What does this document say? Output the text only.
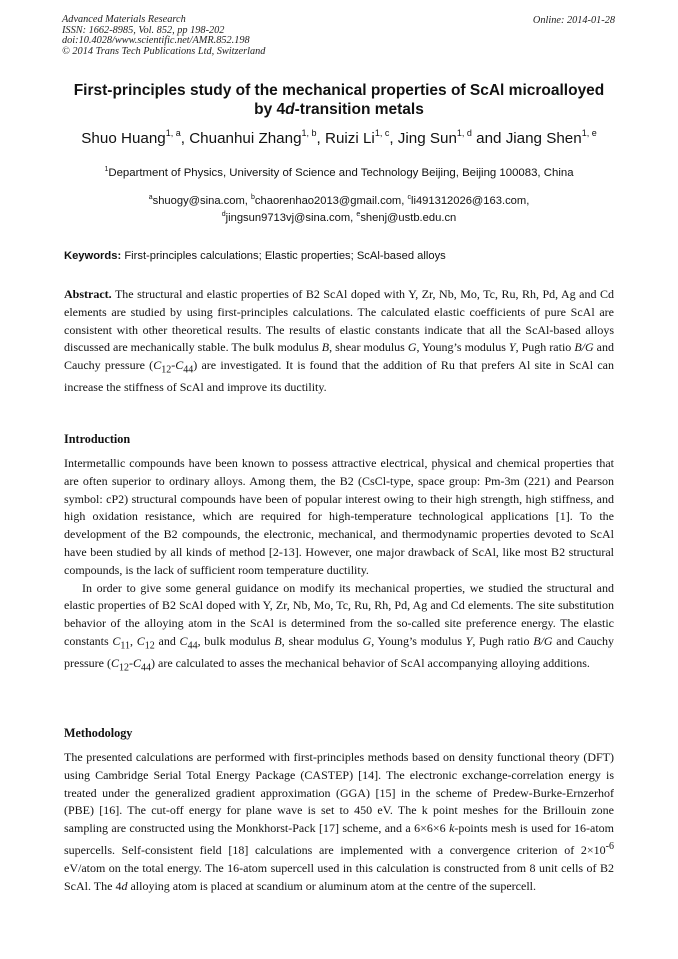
Advanced Materials Research
ISSN: 1662-8985, Vol. 852, pp 198-202
doi:10.4028/www.scientific.net/AMR.852.198
© 2014 Trans Tech Publications Ltd, Switzerland
Online: 2014-01-28
First-principles study of the mechanical properties of ScAl microalloyed
by 4d-transition metals
Shuo Huang$^{1, a}$, Chuanhui Zhang$^{1, b}$, Ruizi Li$^{1, c}$, Jing Sun$^{1, d}$ and Jiang Shen$^{1, e}$
$^1$Department of Physics, University of Science and Technology Beijing, Beijing 100083, China
$^a$shuogy@sina.com, $^b$chaorenhao2013@gmail.com, $^c$li491312026@163.com,
$^d$jingsun9713vj@sina.com, $^e$shenj@ustb.edu.cn
Keywords: First-principles calculations; Elastic properties; ScAl-based alloys

Abstract. The structural and elastic properties of B2 ScAl doped with Y, Zr, Nb, Mo, Tc, Ru, Rh, Pd, Ag and Cd elements are studied by using first-principles calculations. The calculated elastic coefficients of pure ScAl are consistent with other theoretical results. The results of elastic constants indicate that all the ScAl-based alloys discussed are mechanically stable. The bulk modulus B, shear modulus G, Young’s modulus Y, Pugh ratio B/G and Cauchy pressure $(C_{12}-C_{44})$ are investigated. It is found that the addition of Ru that prefers Al site in ScAl can increase the stiffness of ScAl and improve its ductility.

Introduction

Intermetallic compounds have been known to possess attractive electrical, physical and chemical properties that are often superior to ordinary alloys. Among them, the B2 (CsCl-type, space group: Pm-3m (221) and Pearson symbol: cP2) structural compounds have been of popular interest owing to their high strength, high stiffness, and high oxidation resistance, which are required for high-temperature technological applications [1]. To the development of the B2 compounds, the electronic, mechanical, and thermodynamic properties devoted to ScAl have been studied by all kinds of method [2-13]. However, one major drawback of ScAl, like most B2 structural compounds, is the lack of sufficient room temperature ductility.

In order to give some general guidance on modify its mechanical properties, we studied the structural and elastic properties of B2 ScAl doped with Y, Zr, Nb, Mo, Tc, Ru, Rh, Pd, Ag and Cd elements. The site substitution behavior of the alloying atom in the ScAl is determined from the so-called site preference energy. The elastic constants $C_{11}$, $C_{12}$ and $C_{44}$, bulk modulus B, shear modulus G, Young’s modulus Y, Pugh ratio B/G and Cauchy pressure $(C_{12}-C_{44})$ are calculated to asses the mechanical behavior of ScAl accompanying alloying additions.

Methodology

The presented calculations are performed with first-principles methods based on density functional theory (DFT) using Cambridge Serial Total Energy Package (CASTEP) [14]. The electronic exchange-correlation energy is treated under the generalized gradient approximation (GGA) [15] in the scheme of Predew-Burke-Ernzerhof (PBE) [16]. The cut-off energy for plane wave is set to 450 eV. The k point meshes for the Brillouin zone sampling are constructed using the Monkhorst-Pack [17] scheme, and a 6×6×6 k-points mesh is used for 16-atom supercells. Self-consistent field [18] calculations are implemented with a convergence criterion of $2\times 10^{-6}$ eV/atom on the total energy. The 16-atom supercell used in this calculation is constructed from 8 unit cells of B2 ScAl. The 4d alloying atom is placed at scandium or aluminum atom at the centre of the supercell.
